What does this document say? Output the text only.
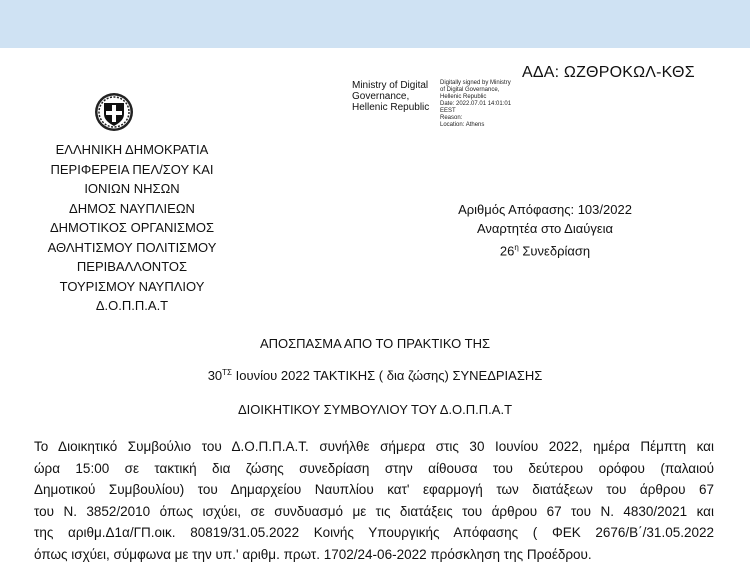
ΑΔΑ: ΩΖΘΡΟΚΩΛ-ΚΘΣ
Ministry of Digital
Governance,
Hellenic Republic
Digitally signed by Ministry
of Digital Governance,
Hellenic Republic
Date: 2022.07.01 14:01:01
EEST
Reason:
Location: Athens
ΕΛΛΗΝΙΚΗ ΔΗΜΟΚΡΑΤΙΑ
ΠΕΡΙΦΕΡΕΙΑ ΠΕΛ/ΣΟΥ ΚΑΙ
ΙΟΝΙΩΝ ΝΗΣΩΝ
ΔΗΜΟΣ ΝΑΥΠΛΙΕΩΝ
ΔΗΜΟΤΙΚΟΣ ΟΡΓΑΝΙΣΜΟΣ
ΑΘΛΗΤΙΣΜΟΥ ΠΟΛΙΤΙΣΜΟΥ
ΠΕΡΙΒΑΛΛΟΝΤΟΣ
ΤΟΥΡΙΣΜΟΥ ΝΑΥΠΛΙΟΥ
Δ.Ο.Π.Π.Α.Τ
Αριθμός Απόφασης: 103/2022
Αναρτητέα στο Διαύγεια
$26^\eta$ Συνεδρίαση
ΑΠΟΣΠΑΣΜΑ ΑΠΟ ΤΟ ΠΡΑΚΤΙΚΟ ΤΗΣ
$30^{T\Sigma}$ Ιουνίου 2022 ΤΑΚΤΙΚΗΣ ( δια ζώσης) ΣΥΝΕΔΡΙΑΣΗΣ
ΔΙΟΙΚΗΤΙΚΟΥ ΣΥΜΒΟΥΛΙΟΥ ΤΟΥ Δ.Ο.Π.Π.Α.Τ
Το Διοικητικό Συμβούλιο του Δ.Ο.Π.Π.Α.Τ. συνήλθε σήμερα στις 30 Ιουνίου 2022, ημέρα Πέμπτη και
ώρα 15:00 σε τακτική δια ζώσης συνεδρίαση στην αίθουσα του δεύτερου ορόφου (παλαιού
Δημοτικού Συμβουλίου) του Δημαρχείου Ναυπλίου κατ' εφαρμογή των διατάξεων του άρθρου 67
του Ν. 3852/2010 όπως ισχύει, σε συνδυασμό με τις διατάξεις του άρθρου 67 του Ν. 4830/2021 και
της αριθμ.Δ1α/ΓΠ.οικ. 80819/31.05.2022 Κοινής Υπουργικής Απόφασης ( ΦΕΚ 2676/Β΄/31.05.2022
όπως ισχύει, σύμφωνα με την υπ.' αριθμ. πρωτ. 1702/24-06-2022 πρόσκληση της Προέδρου.
